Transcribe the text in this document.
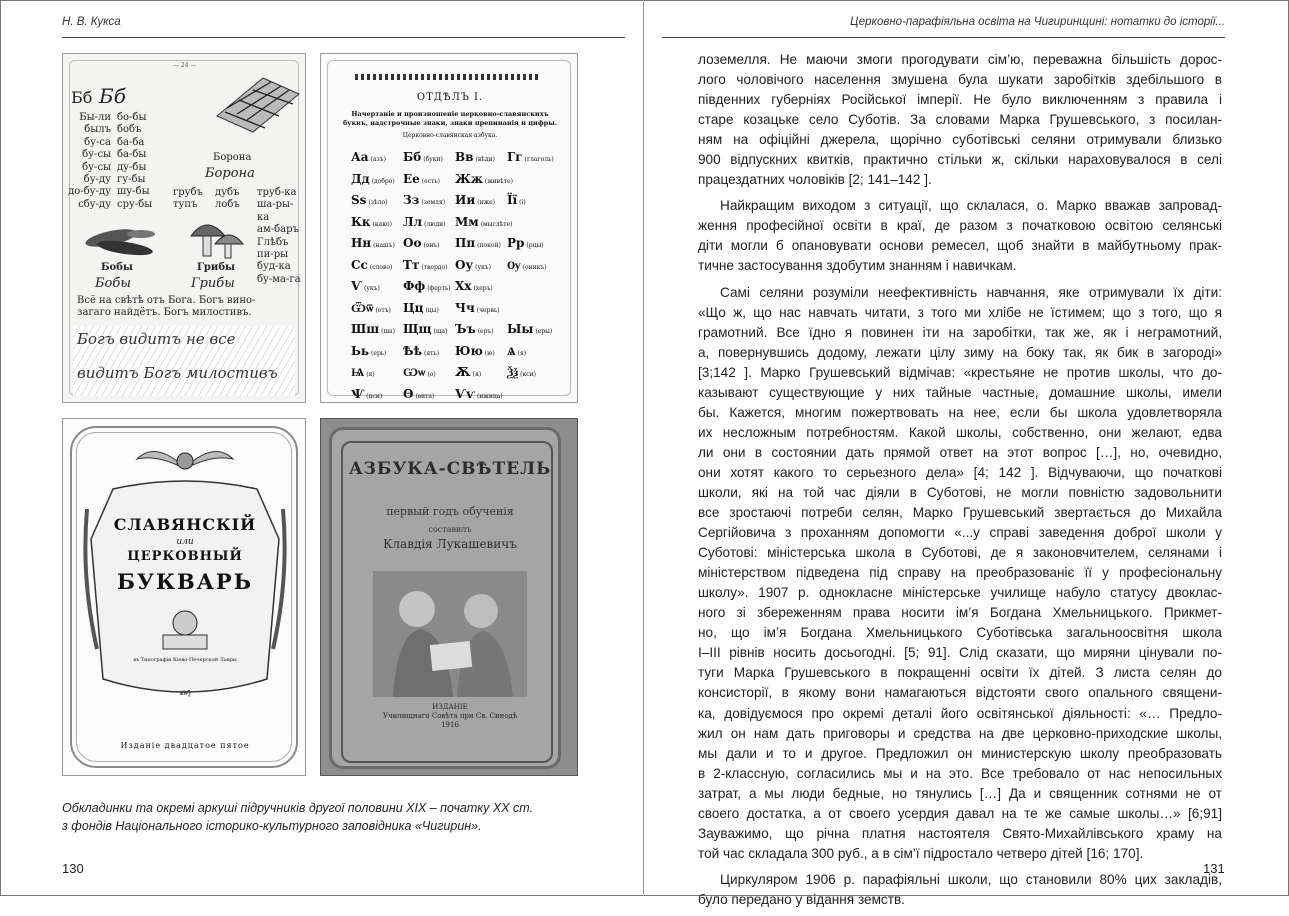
Н. В. Кукса
— 24 —
Бб Бб
Бы-ли бо-бы
былъ бобъ
бу-са ба-ба
бу-сы ба-бы
бу-сы ду-бы
бу-ду гу-бы
до-бу-ду шу-бы
сбу-ду сру-бы
Борона
Борона
грубъ
тупъ
дубъ
лобъ
труб-ка
ша-ры-ка
ам-баръ
Глѣбъ
пи-ры
буд-ка
бу-ма-га
Бобы
Бобы
Грибы
Грибы
Всё на свѣтѣ отъ Бога. Богъ вино-
загаго найдётъ. Богъ милостивъ.
Богъ видитъ не все
видитъ Богъ милостивъ
ОТДѢЛЪ I.
Начертаніе и произношеніе церковно-славянскихъ
буквъ, надстрочные знаки, знаки препинанія и цифры.
Церковно-славянская азбука.
Аа (азъ)	Бб (буки)	Вв (вѣди)	Гг (глаголь)
Дд (добро) Ее (есть)	Жж (живѣте)
Ѕѕ (зѣло)	Зз (земля) Ии (иже) Її (і)
Кк (како) Лл (люди) Мм (мыслѣте)
Нн (нашъ) Оо (онъ)	Пп (покой) Рр (рцы)
Сс (слово) Тт (твердо) Оу (укъ)	Ѹ (оникъ)
Ѵ (укъ)	Фф (ферть) Хх (херъ)
Ѿѿ (отъ)	Цц (цы)	Чч (червь)
Шш (ша) Щщ (ща) Ъъ (еръ)	Ыы (еры)
Ьь (ерь)	Ѣѣ (ять)	Юю (ю)	Ѧ (я)
Ѩ (я)	Ѡѡ (о)	Ѫ (я)	Ѯѯ (кси)
Ѱ (пси)	Ѳ (ѳита)	Ѵѵ (ижица)
СЛАВЯНСКІЙ
или
ЦЕРКОВНЫЙ
БУКВАРЬ
въ Типографіи Кіево-Печерской Лавры
ѧ҃ѡ҃ѯ
Изданіе двадцатое пятое
АЗБУКА-СВѢТЕЛЬ
первый годъ обученія
составилъ
Клавдія Лукашевичъ
ИЗДАНІЕ
Училищнаго Совѣта при Св. Синодѣ
1916
Обкладинки та окремі аркуші підручників другої половини ХІХ – початку ХХ ст.
з фондів Національного історико-культурного заповідника «Чигирин».
130
Церковно-парафіяльна освіта на Чигиринщині: нотатки до історії...

лоземелля. Не маючи змоги прогодувати сім’ю, переважна більшість дорос-
лого чоловічого населення змушена була шукати заробітків здебільшого в
південних губерніях Російської імперії. Не було виключенням з правила і
старе козацьке село Суботів. За словами Марка Грушевського, з посилан-
ням на офіційні джерела, щорічно суботівські селяни отримували близько
900 відпускних квитків, практично стільки ж, скільки нараховувалося в селі
працездатних чоловіків [2; 141–142 ].

Найкращим виходом з ситуації, що склалася, о. Марко вважав запровад-
ження професійної освіти в краї, де разом з початковою освітою селянські
діти могли б опановувати основи ремесел, щоб знайти в майбутньому прак-
тичне застосування здобутим знанням і навичкам.

Самі селяни розуміли неефективність навчання, яке отримували їх діти:
«Що ж, що нас навчать читати, з того ми хлібе не їстимем; що з того, що я
грамотний. Все їдно я повинен іти на заробітки, так же, як і неграмотний,
а, повернувшись додому, лежати цілу зиму на боку так, як бик в загороді»
[3;142 ]. Марко Грушевський відмічав: «крестьяне не против школы, что до-
казывают существующие у них тайные частные, домашние школы, имели
бы. Кажется, многим пожертвовать на нее, если бы школа удовлетворяла
их несложным потребностям. Какой школы, собственно, они желают, едва
ли они в состоянии дать прямой ответ на этот вопрос […], но, очевидно,
они хотят какого то серьезного дела» [4; 142 ]. Відчуваючи, що початкові
школи, які на той час діяли в Суботові, не могли повністю задовольнити
все зростаючі потреби селян, Марко Грушевський звертається до Михайла
Сергійовича з проханням допомогти «...у справі заведення доброї школи у
Суботові: міністерська школа в Суботові, де я законовчителем, селянами і
міністерством підведена під справу на преобразованіє її у професіональну
школу». 1907 р. однокласне міністерське училище набуло статусу двоклас-
ного зі збереженням права носити ім’я Богдана Хмельницького. Прикмет-
но, що ім’я Богдана Хмельницького Суботівська загальноосвітня школа
І–ІІІ рівнів носить досьогодні. [5; 91]. Слід сказати, що миряни цінували по-
туги Марка Грушевського в покращенні освіти їх дітей. З листа селян до
консисторії, в якому вони намагаються відстояти свого опального священи-
ка, довідуємося про окремі деталі його освітянської діяльності: «… Предло-
жил он нам дать приговоры и средства на две церковно-приходские школы,
мы дали и то и другое. Предложил он министерскую школу преобразовать
в 2-классную, согласились мы и на это. Все требовало от нас непосильных
затрат, а мы люди бедные, но тянулись […] Да и священник сотнями не от
своего достатка, а от своего усердия давал на те же самые школы…» [6;91]
Зауважимо, що річна платня настоятеля Свято-Михайлівського храму на
той час складала 300 руб., а в сім’ї підростало четверо дітей [16; 170].

Циркуляром 1906 р. парафіяльні школи, що становили 80% цих закладів,
було передано у відання земств.

131
